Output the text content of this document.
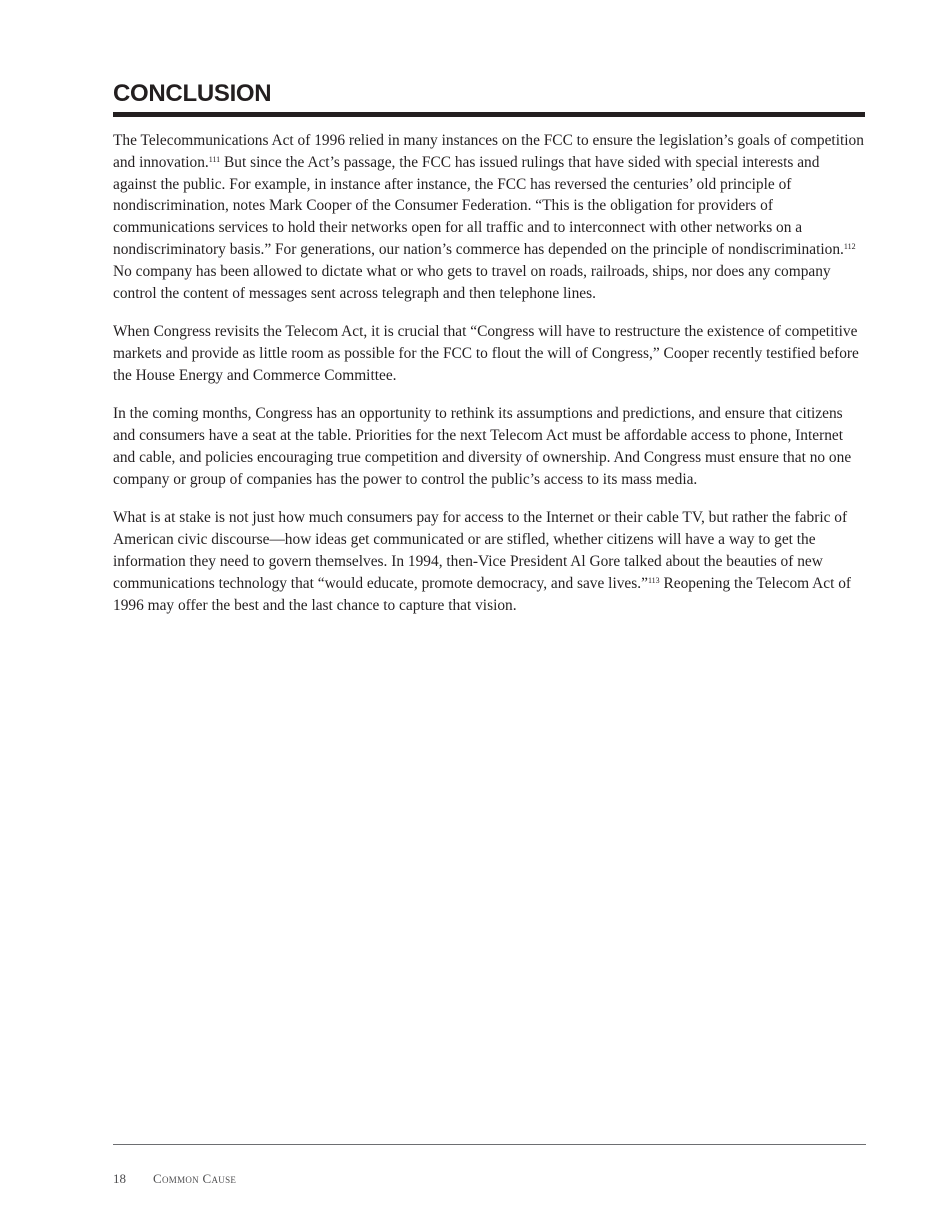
CONCLUSION

The Telecommunications Act of 1996 relied in many instances on the FCC to ensure the legislation’s goals of competition and innovation.$^{111}$ But since the Act’s passage, the FCC has issued rulings that have sided with special interests and against the public. For example, in instance after instance, the FCC has reversed the centuries’ old principle of nondiscrimination, notes Mark Cooper of the Consumer Federation. “This is the obligation for providers of communications services to hold their networks open for all traffic and to interconnect with other networks on a nondiscriminatory basis.” For generations, our nation’s commerce has depended on the principle of nondiscrimination.$^{112}$ No company has been allowed to dictate what or who gets to travel on roads, railroads, ships, nor does any company control the content of messages sent across telegraph and then telephone lines.

When Congress revisits the Telecom Act, it is crucial that “Congress will have to restructure the existence of competitive markets and provide as little room as possible for the FCC to flout the will of Congress,” Cooper recently testified before the House Energy and Commerce Committee.

In the coming months, Congress has an opportunity to rethink its assumptions and predictions, and ensure that citizens and consumers have a seat at the table. Priorities for the next Telecom Act must be affordable access to phone, Internet and cable, and policies encouraging true competition and diversity of ownership. And Congress must ensure that no one company or group of companies has the power to control the public’s access to its mass media.

What is at stake is not just how much consumers pay for access to the Internet or their cable TV, but rather the fabric of American civic discourse—how ideas get communicated or are stifled, whether citizens will have a way to get the information they need to govern themselves. In 1994, then-Vice President Al Gore talked about the beauties of new communications technology that “would educate, promote democracy, and save lives.”$^{113}$ Reopening the Telecom Act of 1996 may offer the best and the last chance to capture that vision.

18 Common Cause
